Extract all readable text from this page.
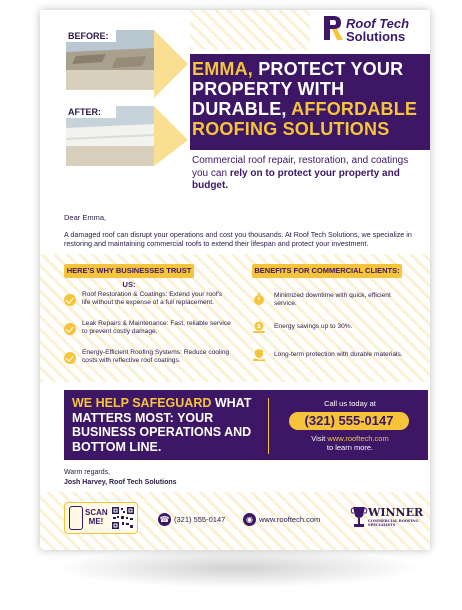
Roof Tech
Solutions
BEFORE:
AFTER:
EMMA, PROTECT YOUR
PROPERTY WITH
DURABLE, AFFORDABLE
ROOFING SOLUTIONS
Commercial roof repair, restoration, and coatings you can rely on to protect your property and budget.
Dear Emma,
A damaged roof can disrupt your operations and cost you thousands. At Roof Tech Solutions, we specialize in restoring and maintaining commercial roofs to extend their lifespan and protect your investment.
HERE'S WHY BUSINESSES TRUST US:
Roof Restoration & Coatings: Extend your roof's life without the expense of a full replacement.
Leak Repairs & Maintenance: Fast, reliable service to prevent costly damage.
Energy-Efficient Roofing Systems: Reduce cooling costs with reflective roof coatings.
BENEFITS FOR COMMERCIAL CLIENTS:
Minimized downtime with quick, efficient service.
$ Energy savings up to 30%.
Long-term protection with durable materials.
WE HELP SAFEGUARD WHAT MATTERS MOST: YOUR BUSINESS OPERATIONS AND BOTTOM LINE.
Call us today at
(321) 555-0147
Visit www.rooftech.com
to learn more.
Warm regards,
Josh Harvey, Roof Tech Solutions
SCAN
ME!	☎ (321) 555-0147	◉ www.rooftech.com
WINNER
COMMERCIAL ROOFING SPECIALISTS
